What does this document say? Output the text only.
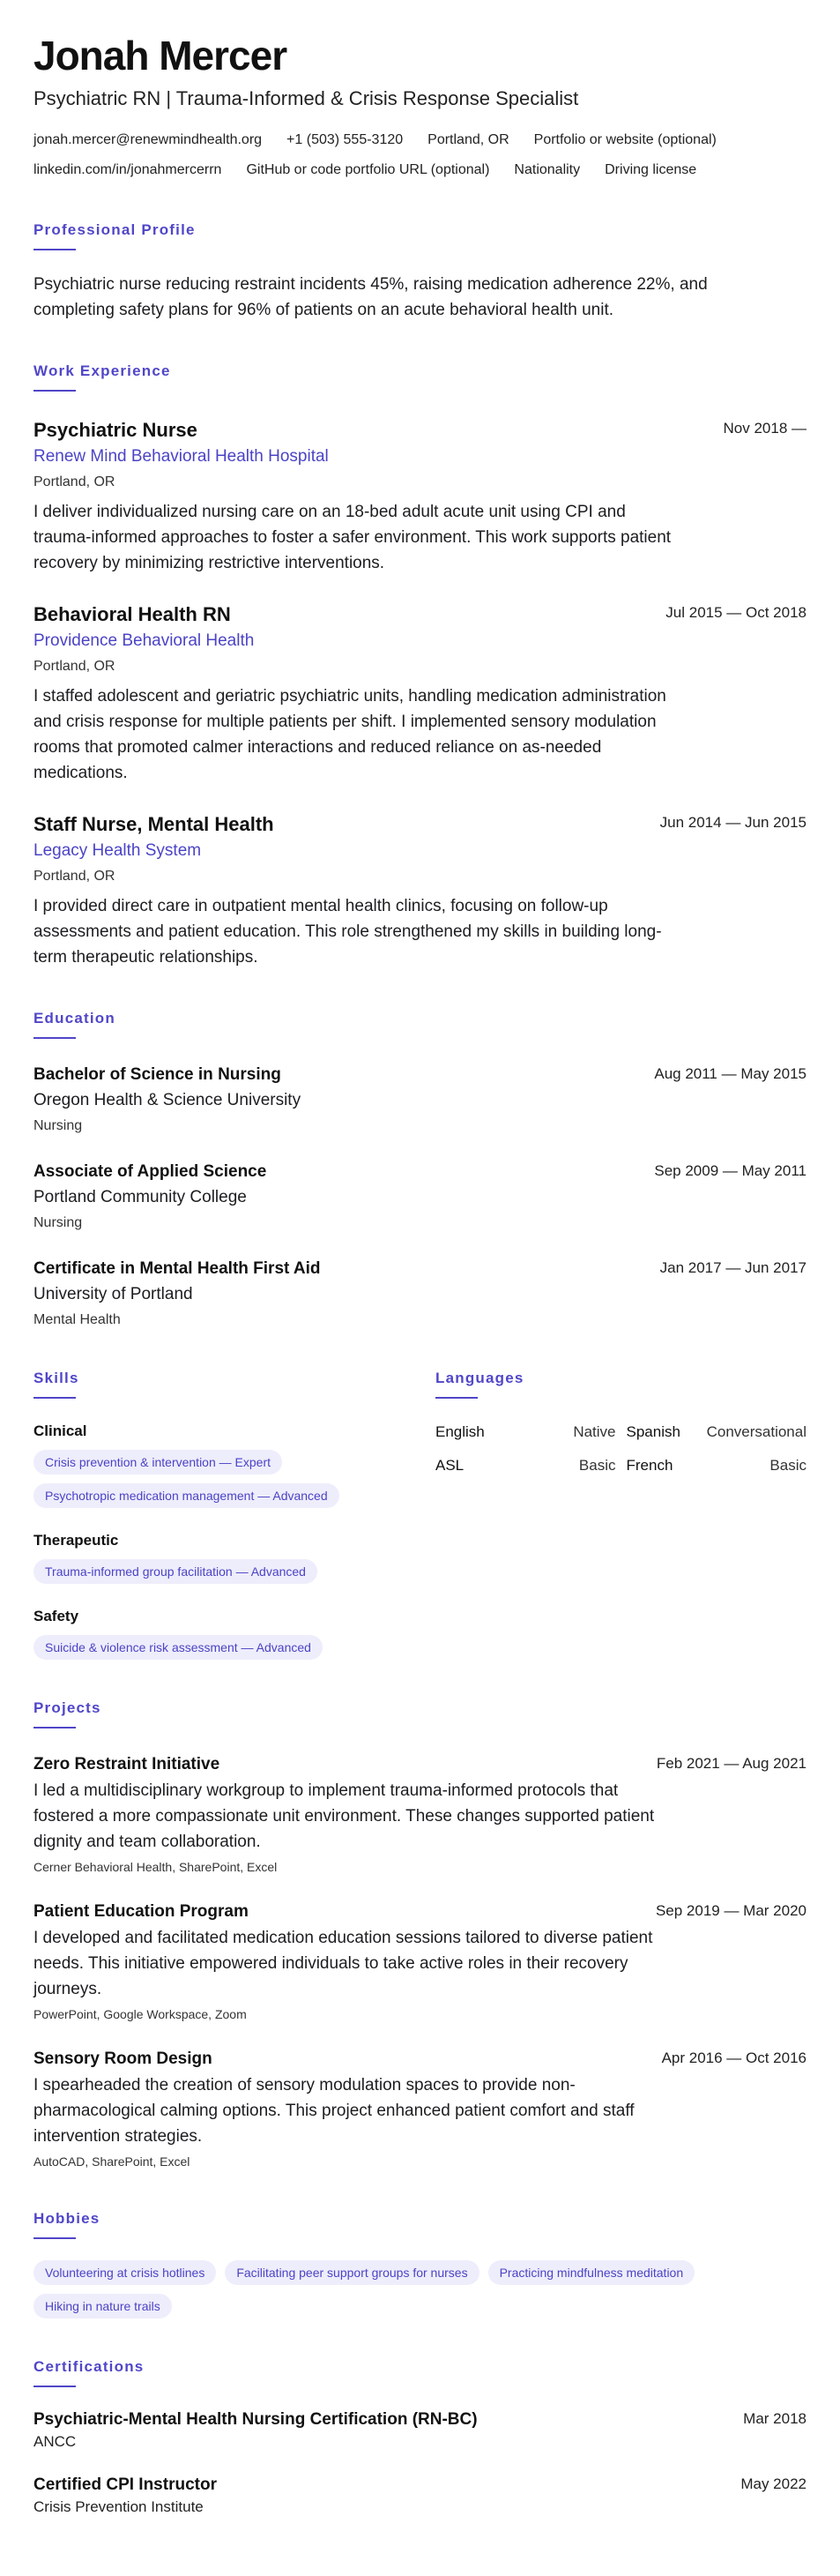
Jonah Mercer
Psychiatric RN | Trauma-Informed & Crisis Response Specialist
jonah.mercer@renewmindhealth.org +1 (503) 555-3120 Portland, OR Portfolio or website (optional)
linkedin.com/in/jonahmercerrn GitHub or code portfolio URL (optional) Nationality Driving license
Professional Profile

Psychiatric nurse reducing restraint incidents 45%, raising medication adherence 22%, and completing safety plans for 96% of patients on an acute behavioral health unit.

Work Experience
Psychiatric Nurse
Renew Mind Behavioral Health Hospital
Portland, OR

I deliver individualized nursing care on an 18-bed adult acute unit using CPI and trauma-informed approaches to foster a safer environment. This work supports patient recovery by minimizing restrictive interventions.

Nov 2018 —
Behavioral Health RN
Providence Behavioral Health
Portland, OR

I staffed adolescent and geriatric psychiatric units, handling medication administration and crisis response for multiple patients per shift. I implemented sensory modulation rooms that promoted calmer interactions and reduced reliance on as-needed medications.

Jul 2015 — Oct 2018
Staff Nurse, Mental Health
Legacy Health System
Portland, OR

I provided direct care in outpatient mental health clinics, focusing on follow-up assessments and patient education. This role strengthened my skills in building long-term therapeutic relationships.

Jun 2014 — Jun 2015
Education
Bachelor of Science in Nursing
Oregon Health & Science University
Nursing
Aug 2011 — May 2015
Associate of Applied Science
Portland Community College
Nursing
Sep 2009 — May 2011
Certificate in Mental Health First Aid
University of Portland
Mental Health
Jan 2017 — Jun 2017
Skills
Clinical
Crisis prevention & intervention — Expert
Psychotropic medication management — Advanced
Therapeutic
Trauma-informed group facilitation — Advanced
Safety
Suicide & violence risk assessment — Advanced
Languages
English	Native Spanish Conversational
ASL	Basic French	Basic
Projects
Zero Restraint Initiative

I led a multidisciplinary workgroup to implement trauma-informed protocols that fostered a more compassionate unit environment. These changes supported patient dignity and team collaboration.

Cerner Behavioral Health, SharePoint, Excel
Feb 2021 — Aug 2021
Patient Education Program

I developed and facilitated medication education sessions tailored to diverse patient needs. This initiative empowered individuals to take active roles in their recovery journeys.

PowerPoint, Google Workspace, Zoom
Sep 2019 — Mar 2020
Sensory Room Design

I spearheaded the creation of sensory modulation spaces to provide non-pharmacological calming options. This project enhanced patient comfort and staff intervention strategies.

AutoCAD, SharePoint, Excel
Apr 2016 — Oct 2016
Hobbies
Volunteering at crisis hotlines	Facilitating peer support groups for nurses	Practicing mindfulness meditation
Hiking in nature trails
Certifications
Psychiatric-Mental Health Nursing Certification (RN-BC)
ANCC
Mar 2018
Certified CPI Instructor
Crisis Prevention Institute
May 2022
